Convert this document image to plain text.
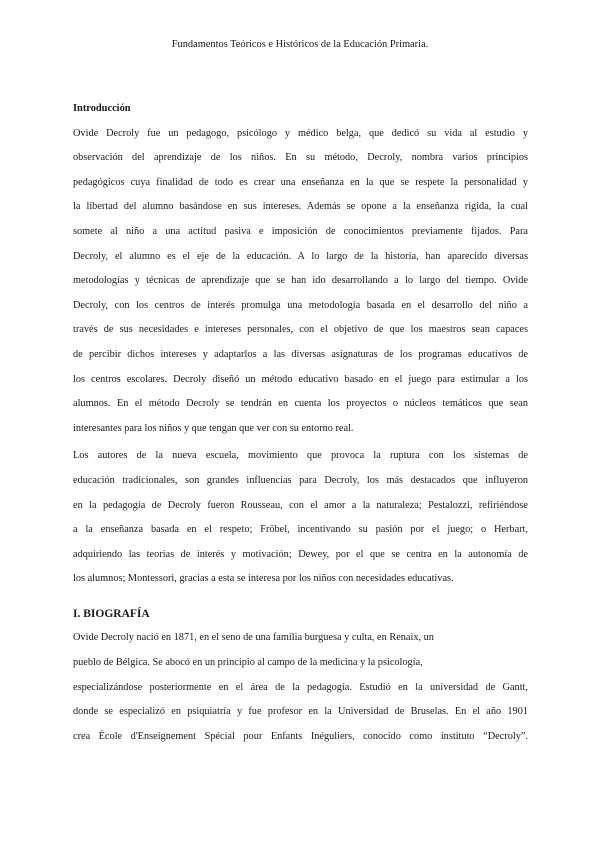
Fundamentos Teóricos e Históricos de la Educación Primaria.

Introducción

Ovide Decroly fue un pedagogo, psicólogo y médico belga, que dedicó su vida al estudio y
observación del aprendizaje de los niños. En su método, Decroly, nombra varios principios
pedagógicos cuya finalidad de todo es crear una enseñanza en la que se respete la personalidad y
la libertad del alumno basándose en sus intereses. Además se opone a la enseñanza rígida, la cual
somete al niño a una actitud pasiva e imposición de conocimientos previamente fijados. Para
Decroly, el alumno es el eje de la educación. A lo largo de la historia, han aparecido diversas
metodologías y técnicas de aprendizaje que se han ido desarrollando a lo largo del tiempo. Ovide
Decroly, con los centros de interés promulga una metodología basada en el desarrollo del niño a
través de sus necesidades e intereses personales, con el objetivo de que los maestros sean capaces
de percibir dichos intereses y adaptarlos a las diversas asignaturas de los programas educativos de
los centros escolares. Decroly diseñó un método educativo basado en el juego para estimular a los
alumnos. En el método Decroly se tendrán en cuenta los proyectos o núcleos temáticos que sean
interesantes para los niños y que tengan que ver con su entorno real.

Los autores de la nueva escuela, movimiento que provoca la ruptura con los sistemas de
educación tradicionales, son grandes influencias para Decroly, los más destacados que influyeron
en la pedagogía de Decroly fueron Rousseau, con el amor a la naturaleza; Pestalozzi, refiriéndose
a la enseñanza basada en el respeto; Fröbel, incentivando su pasión por el juego; o Herbart,
adquiriendo las teorías de interés y motivación; Dewey, por el que se centra en la autonomía de
los alumnos; Montessori, gracias a esta se interesa por los niños con necesidades educativas.

I. BIOGRAFÍA

Ovide Decroly nació en 1871, en el seno de una familia burguesa y culta, en Renaix, un
pueblo de Bélgica. Se abocó en un principio al campo de la medicina y la psicología,
especializándose posteriormente en el área de la pedagogía. Estudió en la universidad de Gantt,
donde se especializó en psiquiatría y fue profesor en la Universidad de Bruselas. En el año 1901
crea École d'Enseignement Spécial pour Enfants Inéguliers, conocido como instituto “Decroly”.
